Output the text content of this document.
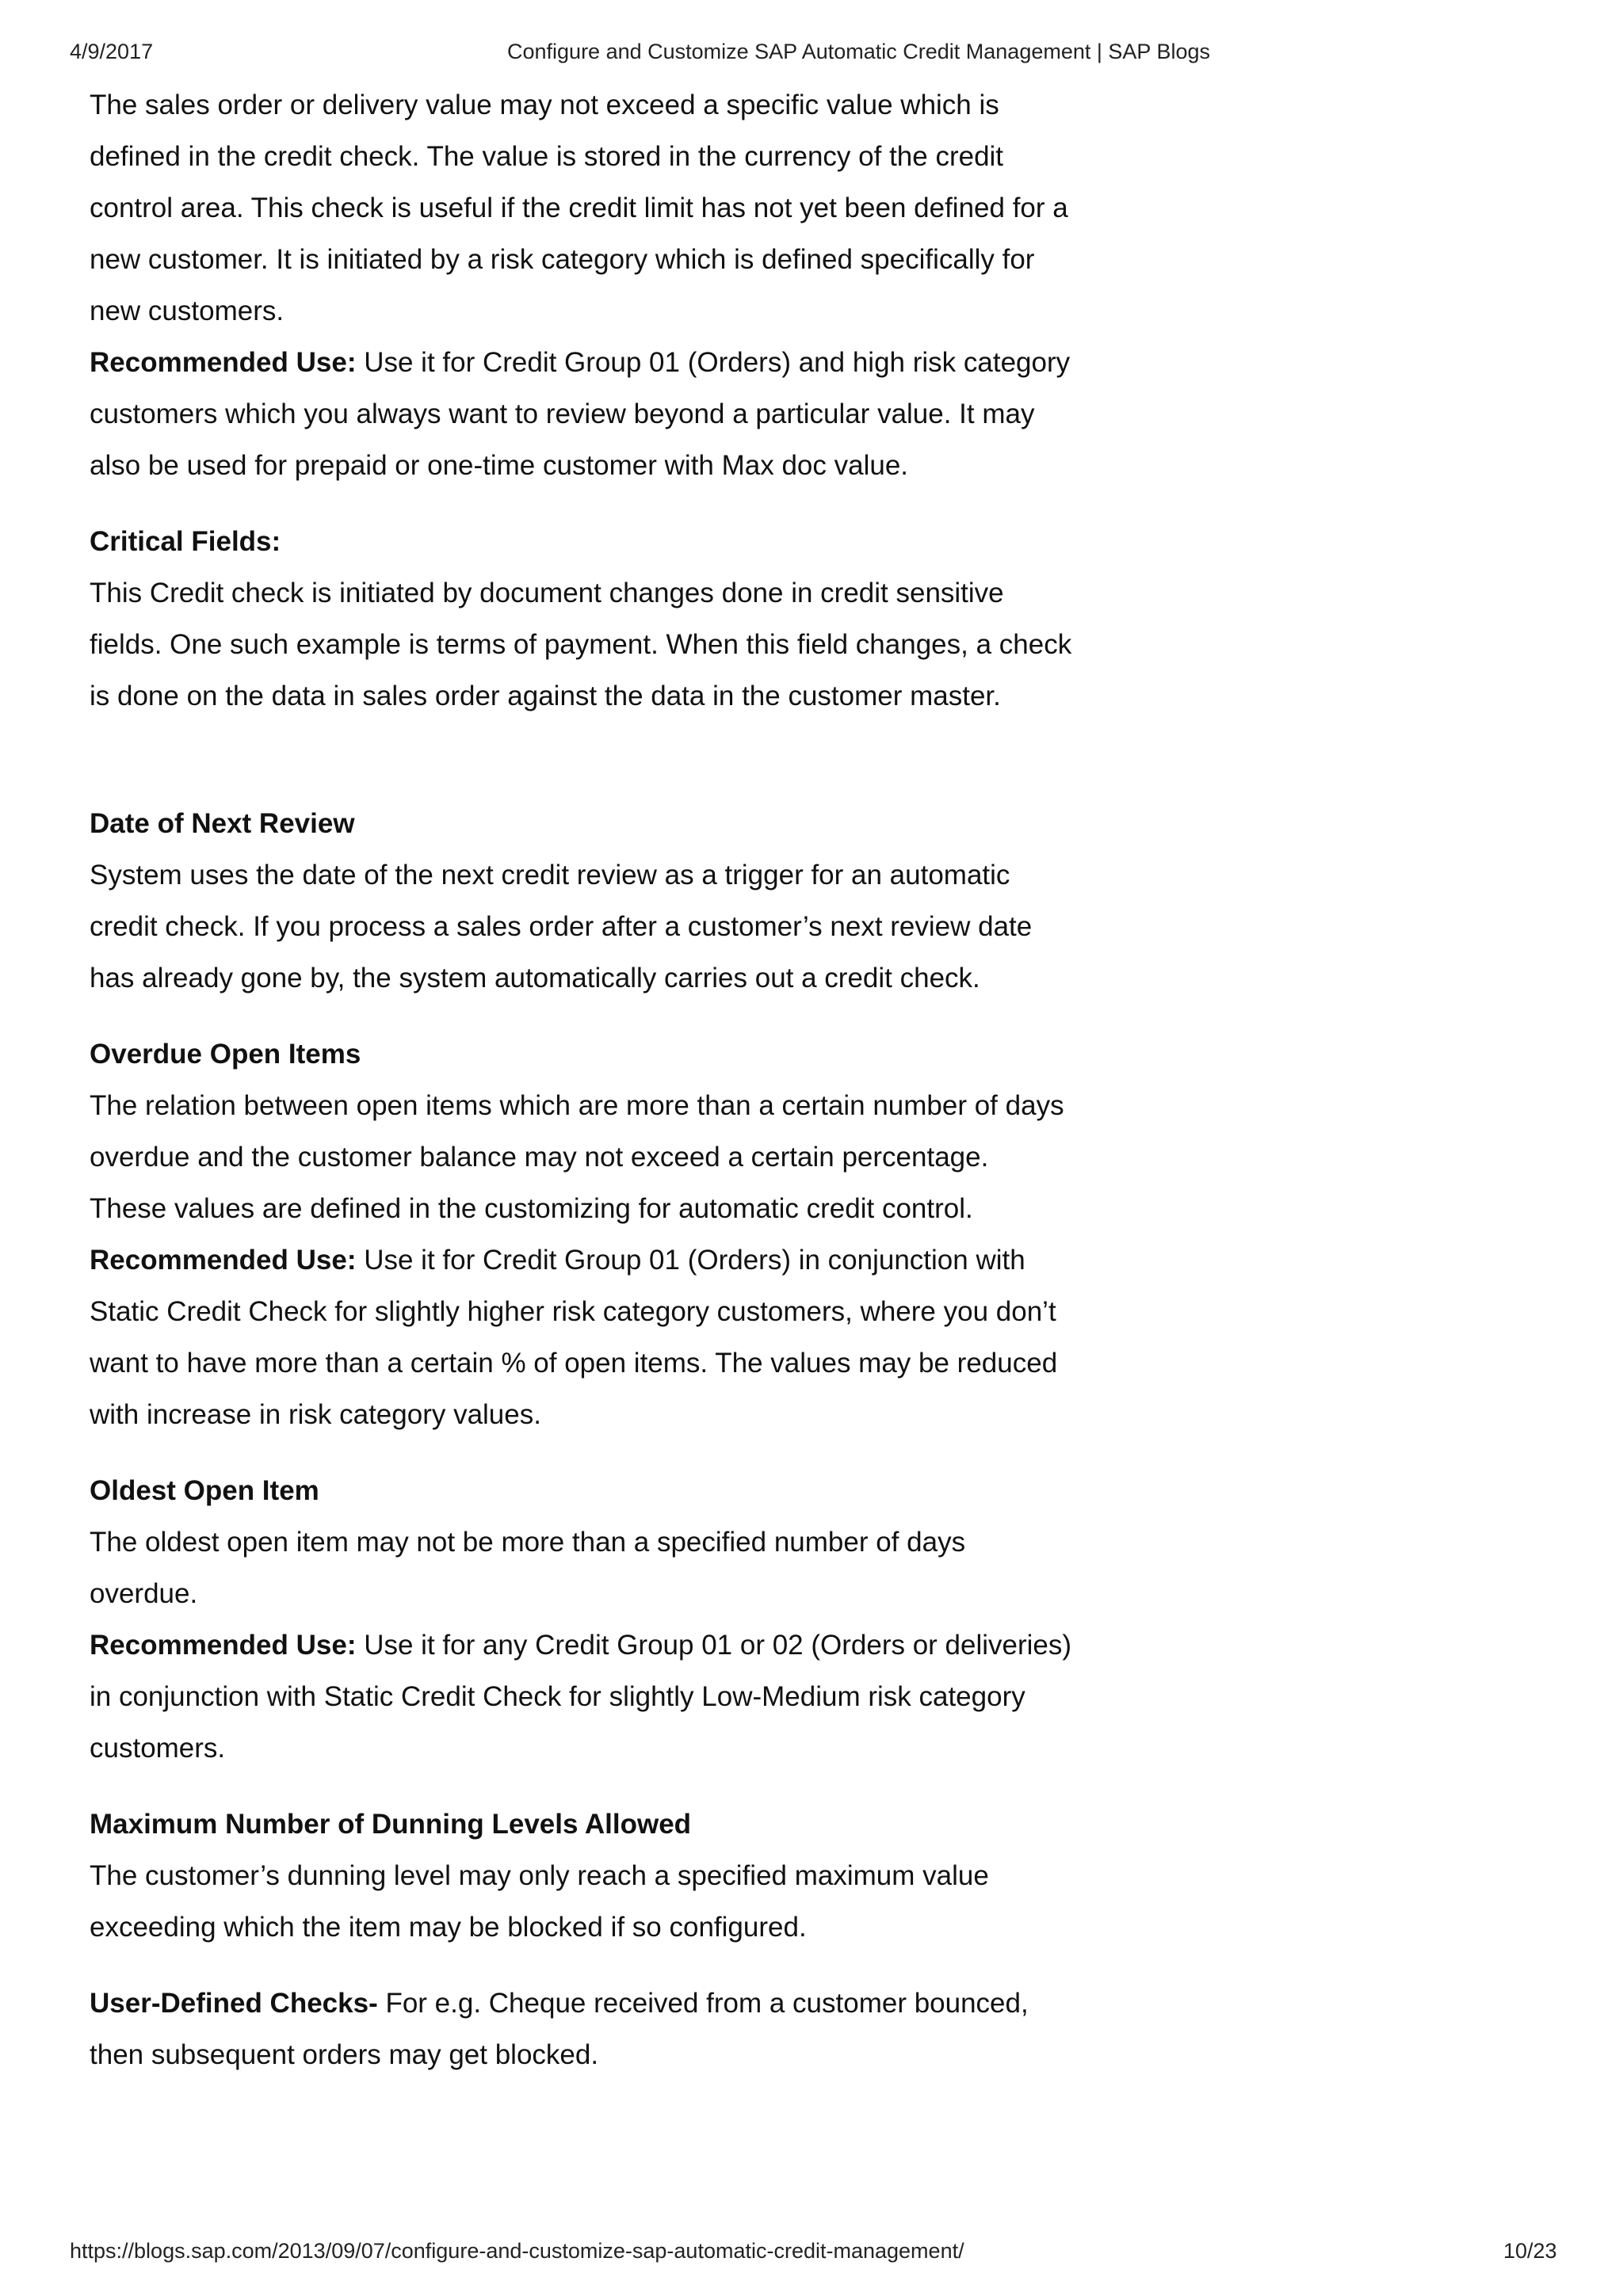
4/9/2017	Configure and Customize SAP Automatic Credit Management | SAP Blogs

The sales order or delivery value may not exceed a specific value which is defined in the credit check. The value is stored in the currency of the credit control area. This check is useful if the credit limit has not yet been defined for a new customer. It is initiated by a risk category which is defined specifically for new customers.

Recommended Use: Use it for Credit Group 01 (Orders) and high risk category customers which you always want to review beyond a particular value. It may also be used for prepaid or one-time customer with Max doc value.

Critical Fields:

This Credit check is initiated by document changes done in credit sensitive fields. One such example is terms of payment. When this field changes, a check is done on the data in sales order against the data in the customer master.

Date of Next Review

System uses the date of the next credit review as a trigger for an automatic credit check. If you process a sales order after a customer’s next review date has already gone by, the system automatically carries out a credit check.

Overdue Open Items

The relation between open items which are more than a certain number of days overdue and the customer balance may not exceed a certain percentage. These values are defined in the customizing for automatic credit control.

Recommended Use: Use it for Credit Group 01 (Orders) in conjunction with Static Credit Check for slightly higher risk category customers, where you don’t want to have more than a certain % of open items. The values may be reduced with increase in risk category values.

Oldest Open Item

The oldest open item may not be more than a specified number of days overdue.

Recommended Use: Use it for any Credit Group 01 or 02 (Orders or deliveries) in conjunction with Static Credit Check for slightly Low-Medium risk category customers.

Maximum Number of Dunning Levels Allowed

The customer’s dunning level may only reach a specified maximum value exceeding which the item may be blocked if so configured.

User-Defined Checks- For e.g. Cheque received from a customer bounced, then subsequent orders may get blocked.

https://blogs.sap.com/2013/09/07/configure-and-customize-sap-automatic-credit-management/	10/23
